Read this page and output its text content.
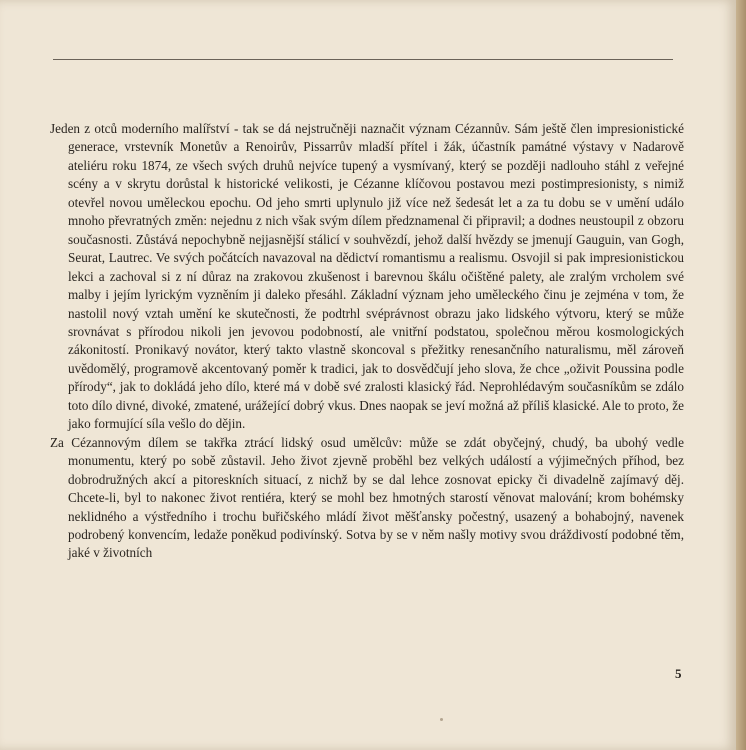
Jeden z otců moderního malířství - tak se dá nejstručněji naznačit význam Cézannův. Sám ještě člen impresionistické generace, vrstevník Monetův a Renoirův, Pissarrův mladší přítel i žák, účastník památné výstavy v Nadarově ateliéru roku 1874, ze všech svých druhů nejvíce tupený a vysmívaný, který se později nadlouho stáhl z veřejné scény a v skrytu dorůstal k historické velikosti, je Cézanne klíčovou postavou mezi postimpresionisty, s nimiž otevřel novou uměleckou epochu. Od jeho smrti uplynulo již více než šedesát let a za tu dobu se v umění událo mnoho převratných změn: nejednu z nich však svým dílem předznamenal či připravil; a dodnes neustoupil z obzoru současnosti. Zůstává nepochybně nejjasnější stálicí v souhvězdí, jehož další hvězdy se jmenují Gauguin, van Gogh, Seurat, Lautrec. Ve svých počátcích navazoval na dědictví romantismu a realismu. Osvojil si pak impresionistickou lekci a zachoval si z ní důraz na zrakovou zkušenost i barevnou škálu očištěné palety, ale zralým vrcholem své malby i jejím lyrickým vyzněním ji daleko přesáhl. Základní význam jeho uměleckého činu je zejména v tom, že nastolil nový vztah umění ke skutečnosti, že podtrhl svéprávnost obrazu jako lidského výtvoru, který se může srovnávat s přírodou nikoli jen jevovou podobností, ale vnitřní podstatou, společnou měrou kosmologických zákonitostí. Pronikavý novátor, který takto vlastně skoncoval s přežitky renesančního naturalismu, měl zároveň uvědomělý, programově akcentovaný poměr k tradici, jak to dosvědčují jeho slova, že chce „oživit Poussina podle přírody“, jak to dokládá jeho dílo, které má v době své zralosti klasický řád. Neprohlédavým současníkům se zdálo toto dílo divné, divoké, zmatené, urážející dobrý vkus. Dnes naopak se jeví možná až příliš klasické. Ale to proto, že jako formující síla vešlo do dějin.

Za Cézannovým dílem se takřka ztrácí lidský osud umělcův: může se zdát obyčejný, chudý, ba ubohý vedle monumentu, který po sobě zůstavil. Jeho život zjevně proběhl bez velkých událostí a výjimečných příhod, bez dobrodružných akcí a pitoreskních situací, z nichž by se dal lehce zosnovat epicky či divadelně zajímavý děj. Chcete-li, byl to nakonec život rentiéra, který se mohl bez hmotných starostí věnovat malování; krom bohémsky neklidného a výstředního i trochu buřičského mládí život měšťansky počestný, usazený a bohabojný, navenek podrobený konvencím, ledaže poněkud podivínský. Sotva by se v něm našly motivy svou dráždivostí podobné těm, jaké v životních

5
